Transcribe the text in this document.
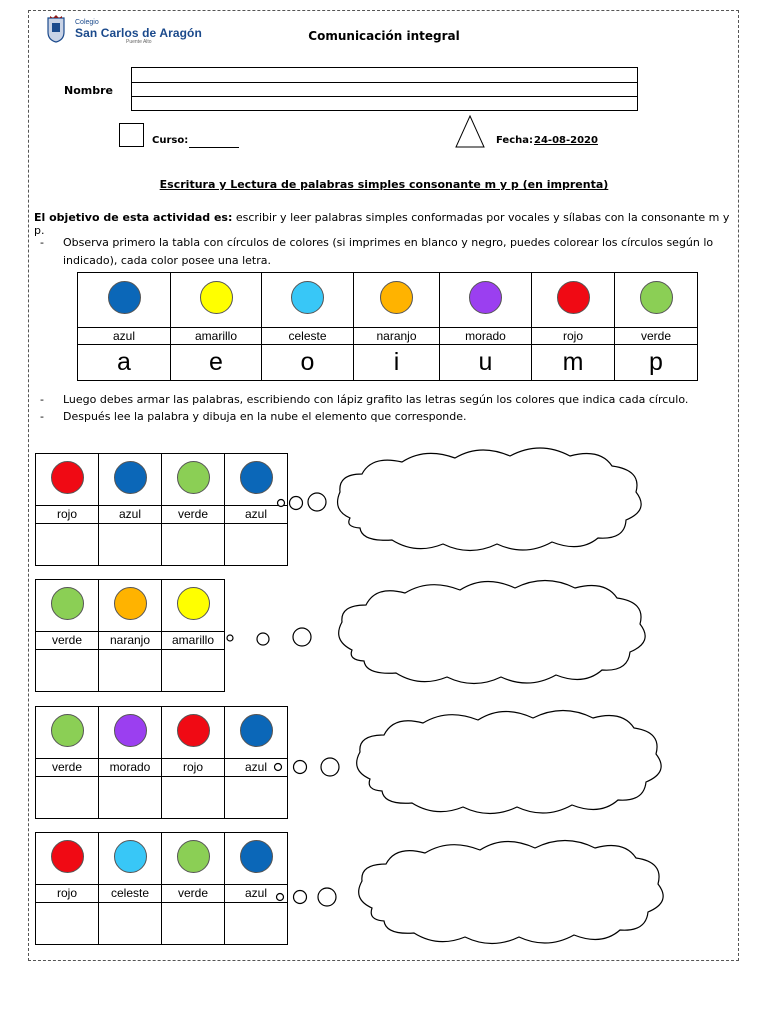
Colegio
San Carlos de Aragón
Puente Alto	Comunicación integral
Nombre
Curso:	Fecha: 24-08-2020
Escritura y Lectura de palabras simples consonante m y p (en imprenta)
El objetivo de esta actividad es: escribir y leer palabras simples conformadas por vocales y sílabas con la consonante m y p.
- Observa primero la tabla con círculos de colores (si imprimes en blanco y negro, puedes colorear los círculos según lo
indicado), cada color posee una letra.

azul	amarillo	celeste	naranjo	morado	rojo	verde
a	e	o	i	u	m	p
- Luego debes armar las palabras, escribiendo con lápiz grafito las letras según los colores que indica cada círculo.
- Después lee la palabra y dibuja en la nube el elemento que corresponde.

rojo	azul	verde	azul

verde	naranjo	amarillo

verde	morado	rojo	azul

rojo	celeste	verde	azul
